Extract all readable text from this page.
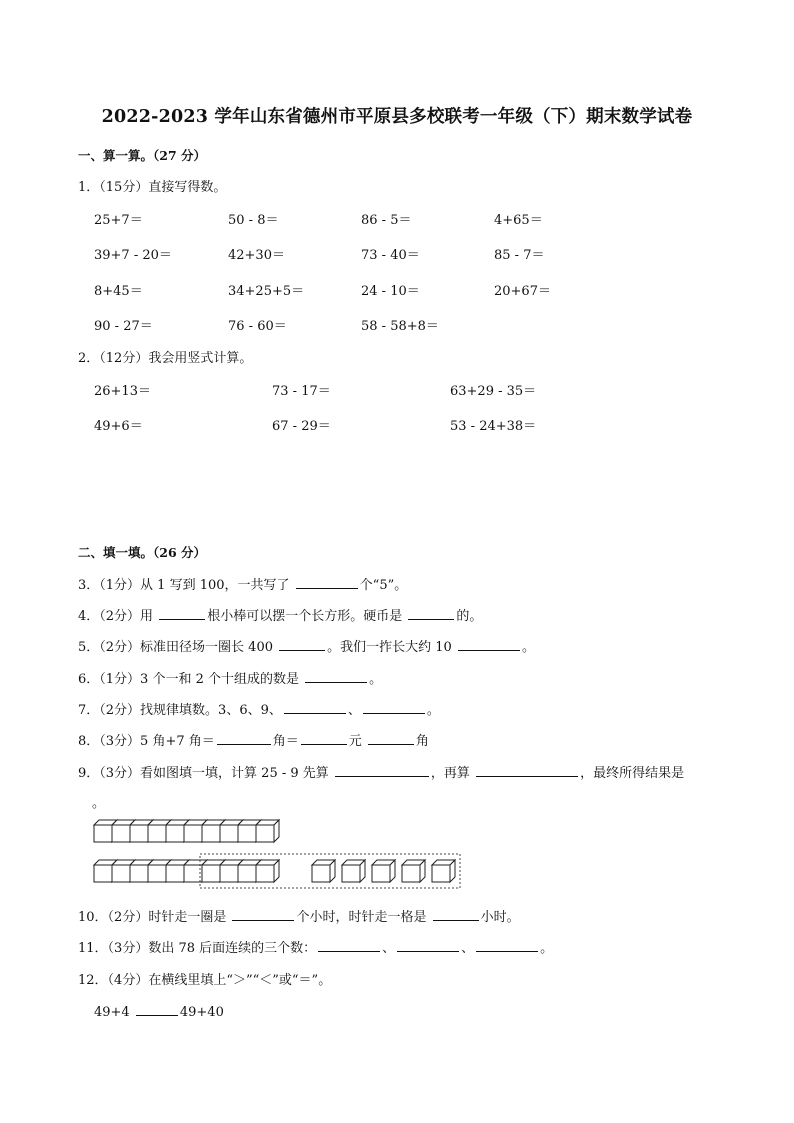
2022-2023 学年山东省德州市平原县多校联考一年级（下）期末数学试卷
一、算一算。（27 分）
1．（15分）直接写得数。
25+7＝	50 - 8＝	86 - 5＝	4+65＝
39+7 - 20＝	42+30＝	73 - 40＝	85 - 7＝
8+45＝	34+25+5＝	24 - 10＝	20+67＝
90 - 27＝	76 - 60＝	58 - 58+8＝
2．（12分）我会用竖式计算。
26+13＝	73 - 17＝	63+29 - 35＝
49+6＝	67 - 29＝	53 - 24+38＝
二、填一填。（26 分）
3．（1分）从 1 写到 100，一共写了	个“5”。
4．（2分）用	根小棒可以摆一个长方形。硬币是	的。
5．（2分）标准田径场一圈长 400	。我们一拃长大约 10	。
6．（1分）3 个一和 2 个十组成的数是	。
7．（2分）找规律填数。3、6、9、	、	。
8．（3分）5 角+7 角＝	角＝	元	角
9．（3分）看如图填一填，计算 25 - 9 先算	，再算	，最终所得结果是
。
10．（2分）时针走一圈是	个小时，时针走一格是	小时。
11．（3分）数出 78 后面连续的三个数：	、	、	。
12．（4分）在横线里填上“＞”“＜”或“＝”。
49+4	49+40
